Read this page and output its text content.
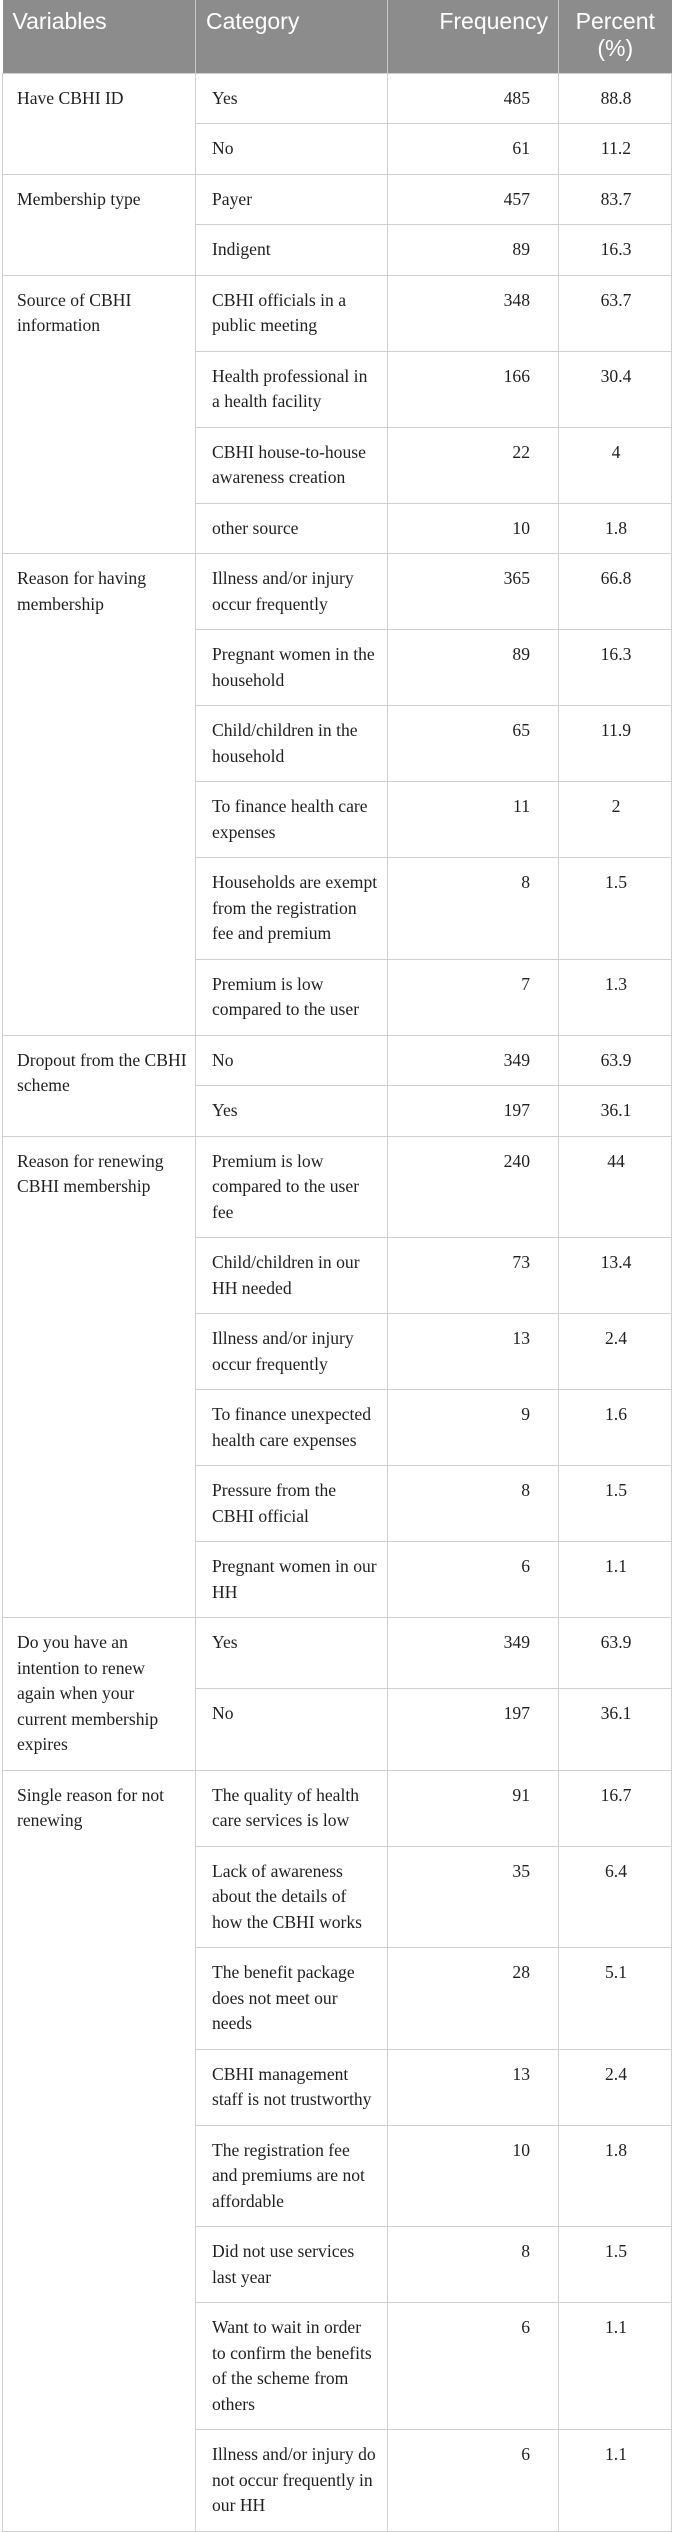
Variables	Category	Frequency	Percent (%)
Have CBHI ID	Yes	485	88.8
	No	61	11.2
Membership type	Payer	457	83.7
	Indigent	89	16.3
Source of CBHI information	CBHI officials in a public meeting	348	63.7
	Health professional in a health facility	166	30.4
	CBHI house-to-house awareness creation	22	4
	other source	10	1.8
Reason for having membership	Illness and/or injury occur frequently	365	66.8
	Pregnant women in the household	89	16.3
	Child/children in the household	65	11.9
	To finance health care expenses	11	2
	Households are exempt from the registration fee and premium	8	1.5
	Premium is low compared to the user	7	1.3
Dropout from the CBHI scheme	No	349	63.9
	Yes	197	36.1
Reason for renewing CBHI membership	Premium is low compared to the user fee	240	44
	Child/children in our HH needed	73	13.4
	Illness and/or injury occur frequently	13	2.4
	To finance unexpected health care expenses	9	1.6
	Pressure from the CBHI official	8	1.5
	Pregnant women in our HH	6	1.1
Do you have an intention to renew again when your current membership expires	Yes	349	63.9
	No	197	36.1
Single reason for not renewing	The quality of health care services is low	91	16.7
	Lack of awareness about the details of how the CBHI works	35	6.4
	The benefit package does not meet our needs	28	5.1
	CBHI management staff is not trustworthy	13	2.4
	The registration fee and premiums are not affordable	10	1.8
	Did not use services last year	8	1.5
	Want to wait in order to confirm the benefits of the scheme from others	6	1.1
	Illness and/or injury do not occur frequently in our HH	6	1.1
